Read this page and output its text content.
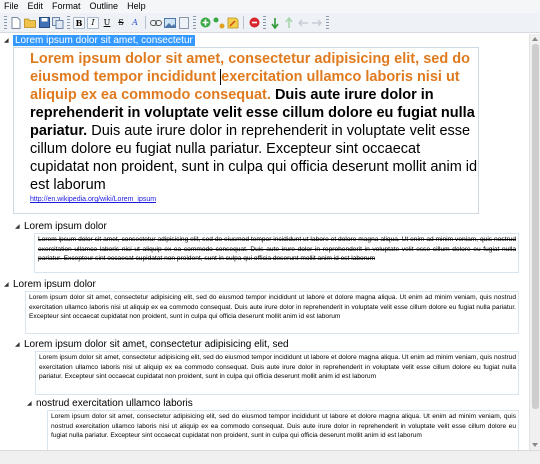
File	Edit	Format	Outline	Help
B	I	U S	A
◢ Lorem ipsum dolor sit amet, consectetur
Lorem ipsum dolor sit amet, consectetur adipisicing elit, sed do eiusmod tempor incididunt exercitation ullamco laboris nisi ut aliquip ex ea commodo consequat. Duis aute irure dolor in reprehenderit in voluptate velit esse cillum dolore eu fugiat nulla pariatur. Duis aute irure dolor in reprehenderit in voluptate velit esse cillum dolore eu fugiat nulla pariatur. Excepteur sint occaecat cupidatat non proident, sunt in culpa qui officia deserunt mollit anim id est laborum
http://en.wikipedia.org/wiki/Lorem_ipsum
◢ Lorem ipsum dolor
Lorem ipsum dolor sit amet, consectetur adipisicing elit, sed do eiusmod tempor incididunt ut labore et dolore magna aliqua. Ut enim ad minim veniam, quis nostrud exercitation ullamco laboris nisi ut aliquip ex ea commodo consequat. Duis aute irure dolor in reprehenderit in voluptate velit esse cillum dolore eu fugiat nulla pariatur. Excepteur sint occaecat cupidatat non proident, sunt in culpa qui officia deserunt mollit anim id est laborum
◢ Lorem ipsum dolor
Lorem ipsum dolor sit amet, consectetur adipisicing elit, sed do eiusmod tempor incididunt ut labore et dolore magna aliqua. Ut enim ad minim veniam, quis nostrud exercitation ullamco laboris nisi ut aliquip ex ea commodo consequat. Duis aute irure dolor in reprehenderit in voluptate velit esse cillum dolore eu fugiat nulla pariatur. Excepteur sint occaecat cupidatat non proident, sunt in culpa qui officia deserunt mollit anim id est laborum
◢ Lorem ipsum dolor sit amet, consectetur adipisicing elit, sed
Lorem ipsum dolor sit amet, consectetur adipisicing elit, sed do eiusmod tempor incididunt ut labore et dolore magna aliqua. Ut enim ad minim veniam, quis nostrud exercitation ullamco laboris nisi ut aliquip ex ea commodo consequat. Duis aute irure dolor in reprehenderit in voluptate velit esse cillum dolore eu fugiat nulla pariatur. Excepteur sint occaecat cupidatat non proident, sunt in culpa qui officia deserunt mollit anim id est laborum
◢ nostrud exercitation ullamco laboris
Lorem ipsum dolor sit amet, consectetur adipisicing elit, sed do eiusmod tempor incididunt ut labore et dolore magna aliqua. Ut enim ad minim veniam, quis nostrud exercitation ullamco laboris nisi ut aliquip ex ea commodo consequat. Duis aute irure dolor in reprehenderit in voluptate velit esse cillum dolore eu fugiat nulla pariatur. Excepteur sint occaecat cupidatat non proident, sunt in culpa qui officia deserunt mollit anim id est laborum
